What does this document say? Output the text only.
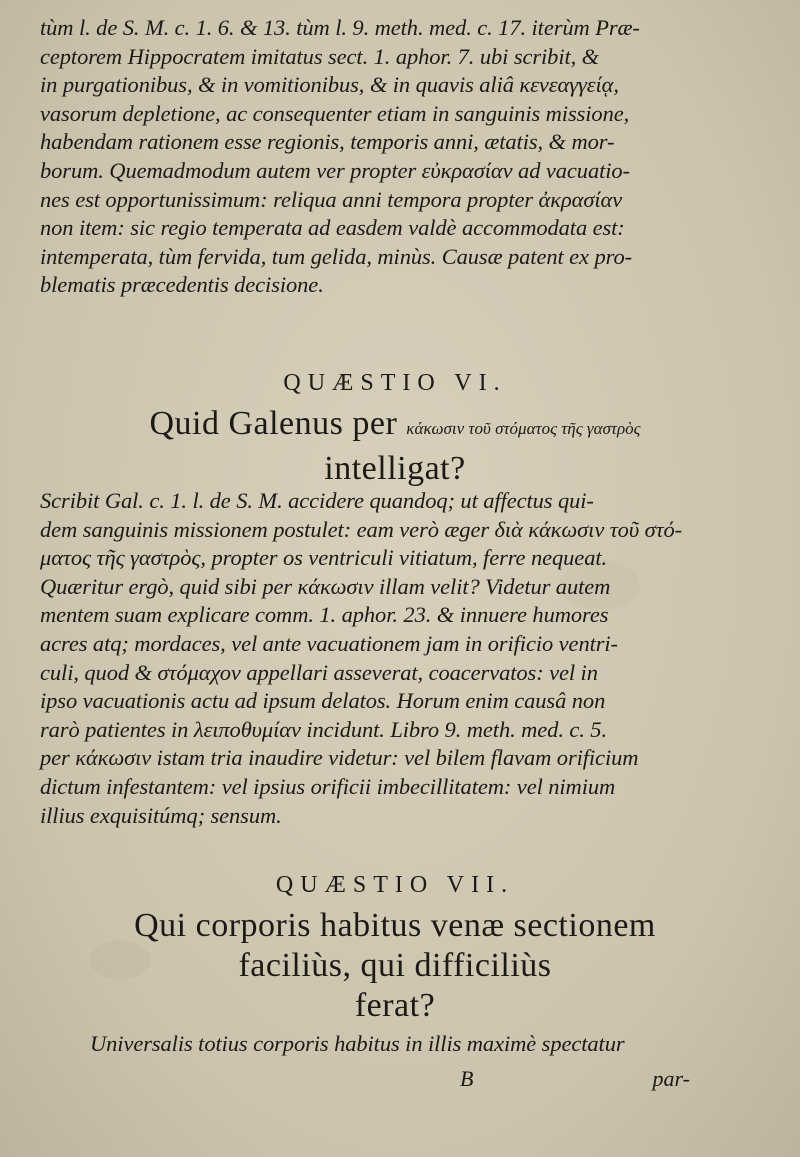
tùm l. de S. M. c. 1. 6. & 13. tùm l. 9. meth. med. c. 17. iterùm Præ-
ceptorem Hippocratem imitatus sect. 1. aphor. 7. ubi scribit, &
in purgationibus, & in vomitionibus, & in quavis aliâ κενεαγγείᾳ,
vasorum depletione, ac consequenter etiam in sanguinis missione,
habendam rationem esse regionis, temporis anni, ætatis, & mor-
borum. Quemadmodum autem ver propter εὐκρασίαν ad vacuatio-
nes est opportunissimum: reliqua anni tempora propter ἀκρασίαν
non item: sic regio temperata ad easdem valdè accommodata est:
intemperata, tùm fervida, tum gelida, minùs. Causæ patent ex pro-
blematis præcedentis decisione.
QUÆSTIO VI.
Quid Galenus per κάκωσιν τοῦ στόματος τῆς γαστρὸς
intelligat?
Scribit Gal. c. 1. l. de S. M. accidere quandoq; ut affectus qui-
dem sanguinis missionem postulet: eam verò æger διὰ κάκωσιν τοῦ στό-
ματος τῆς γαστρὸς, propter os ventriculi vitiatum, ferre nequeat.
Quæritur ergò, quid sibi per κάκωσιν illam velit? Videtur autem
mentem suam explicare comm. 1. aphor. 23. & innuere humores
acres atq; mordaces, vel ante vacuationem jam in orificio ventri-
culi, quod & στόμαχον appellari asseverat, coacervatos: vel in
ipso vacuationis actu ad ipsum delatos. Horum enim causâ non
rarò patientes in λειποθυμίαν incidunt. Libro 9. meth. med. c. 5.
per κάκωσιν istam tria inaudire videtur: vel bilem flavam orificium
dictum infestantem: vel ipsius orificii imbecillitatem: vel nimium
illius exquisitúmq; sensum.
QUÆSTIO VII.
Qui corporis habitus venæ sectionem
faciliùs, qui difficiliùs
ferat?
Universalis totius corporis habitus in illis maximè spectatur
B	par-
